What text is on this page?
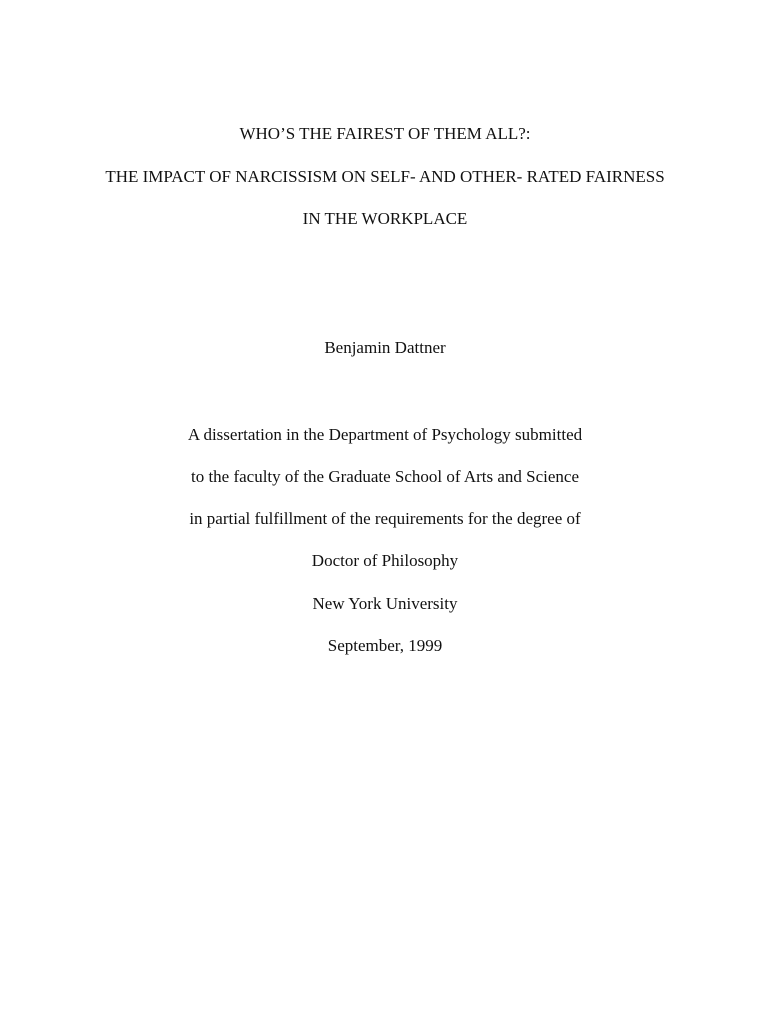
WHO’S THE FAIREST OF THEM ALL?:
THE IMPACT OF NARCISSISM ON SELF- AND OTHER- RATED FAIRNESS
IN THE WORKPLACE
Benjamin Dattner
A dissertation in the Department of Psychology submitted
to the faculty of the Graduate School of Arts and Science
in partial fulfillment of the requirements for the degree of
Doctor of Philosophy
New York University
September, 1999
